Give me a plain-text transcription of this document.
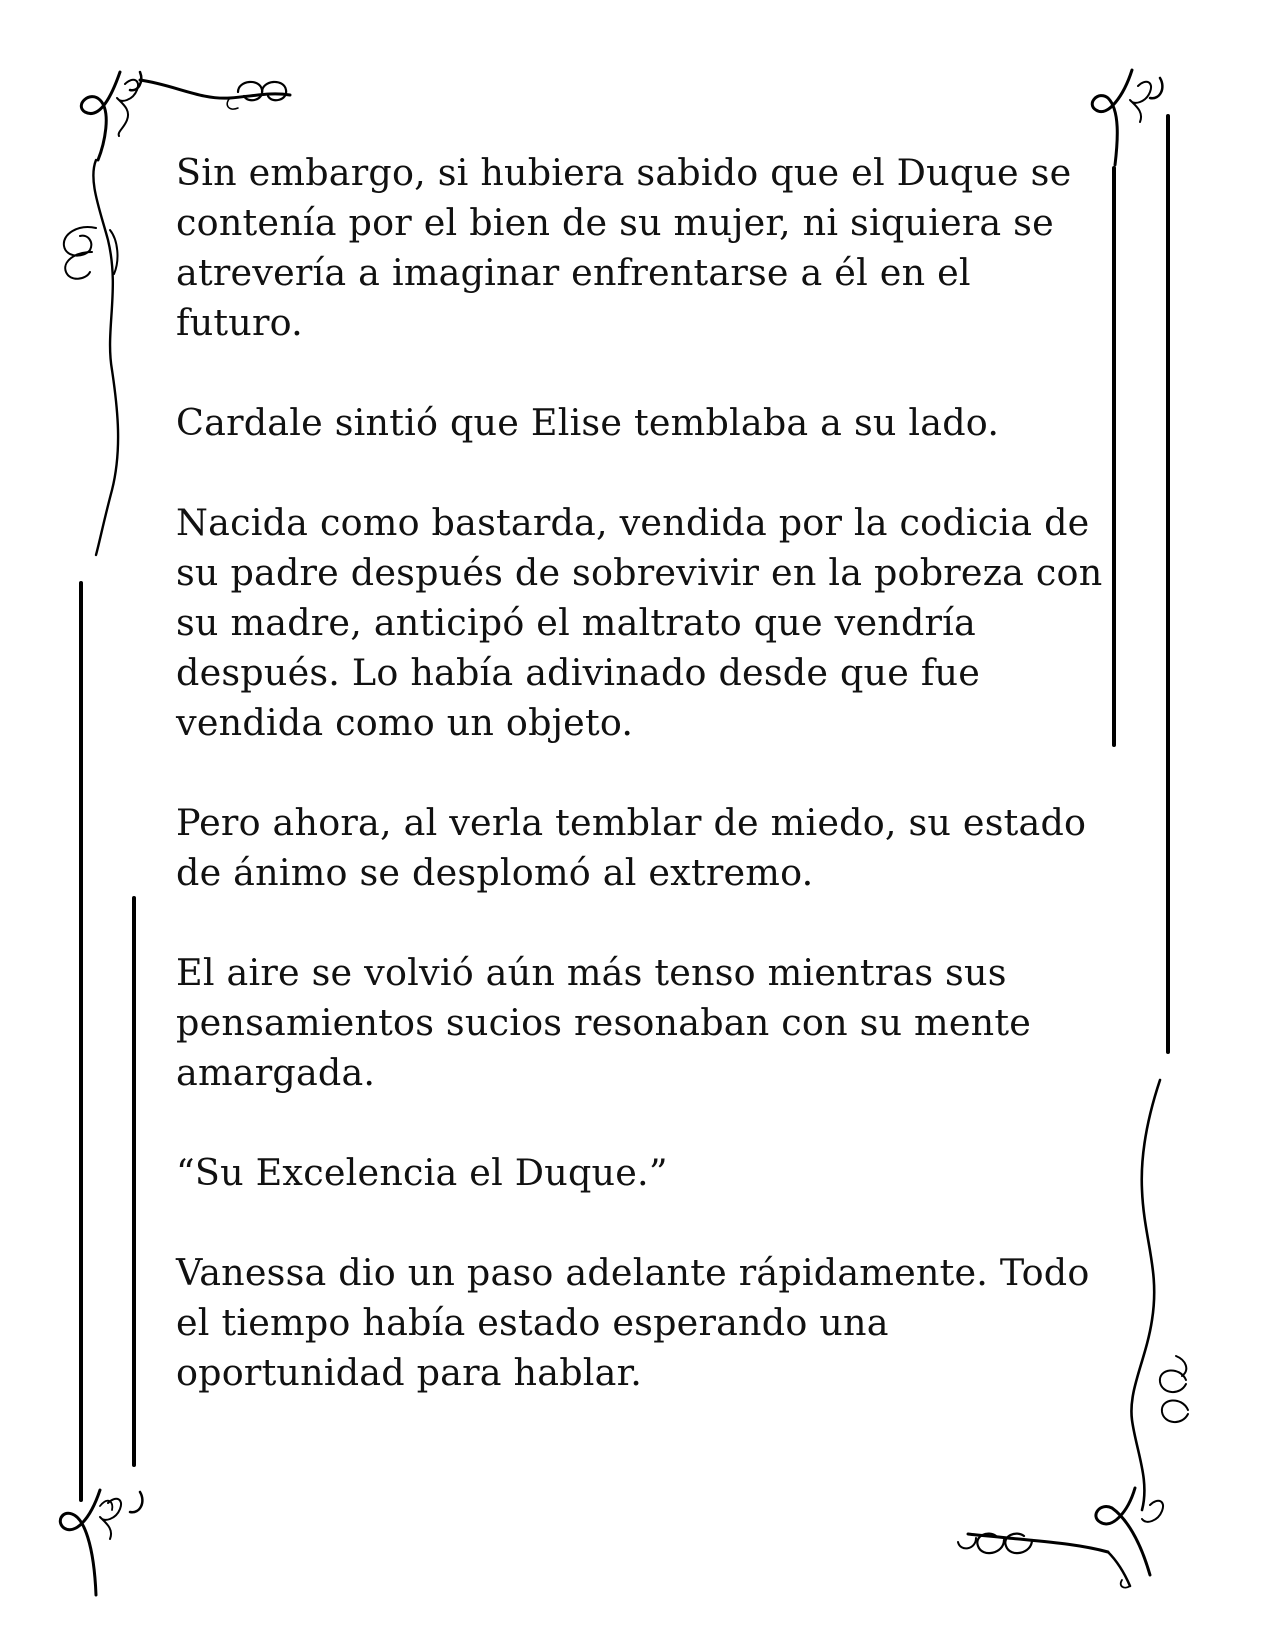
Sin embargo, si hubiera sabido que el Duque se contenía por el bien de su mujer, ni siquiera se atrevería a imaginar enfrentarse a él en el futuro.

Cardale sintió que Elise temblaba a su lado.

Nacida como bastarda, vendida por la codicia de su padre después de sobrevivir en la pobreza con su madre, anticipó el maltrato que vendría después. Lo había adivinado desde que fue vendida como un objeto.

Pero ahora, al verla temblar de miedo, su estado de ánimo se desplomó al extremo.

El aire se volvió aún más tenso mientras sus pensamientos sucios resonaban con su mente amargada.

“Su Excelencia el Duque.”

Vanessa dio un paso adelante rápidamente. Todo el tiempo había estado esperando una oportunidad para hablar.
